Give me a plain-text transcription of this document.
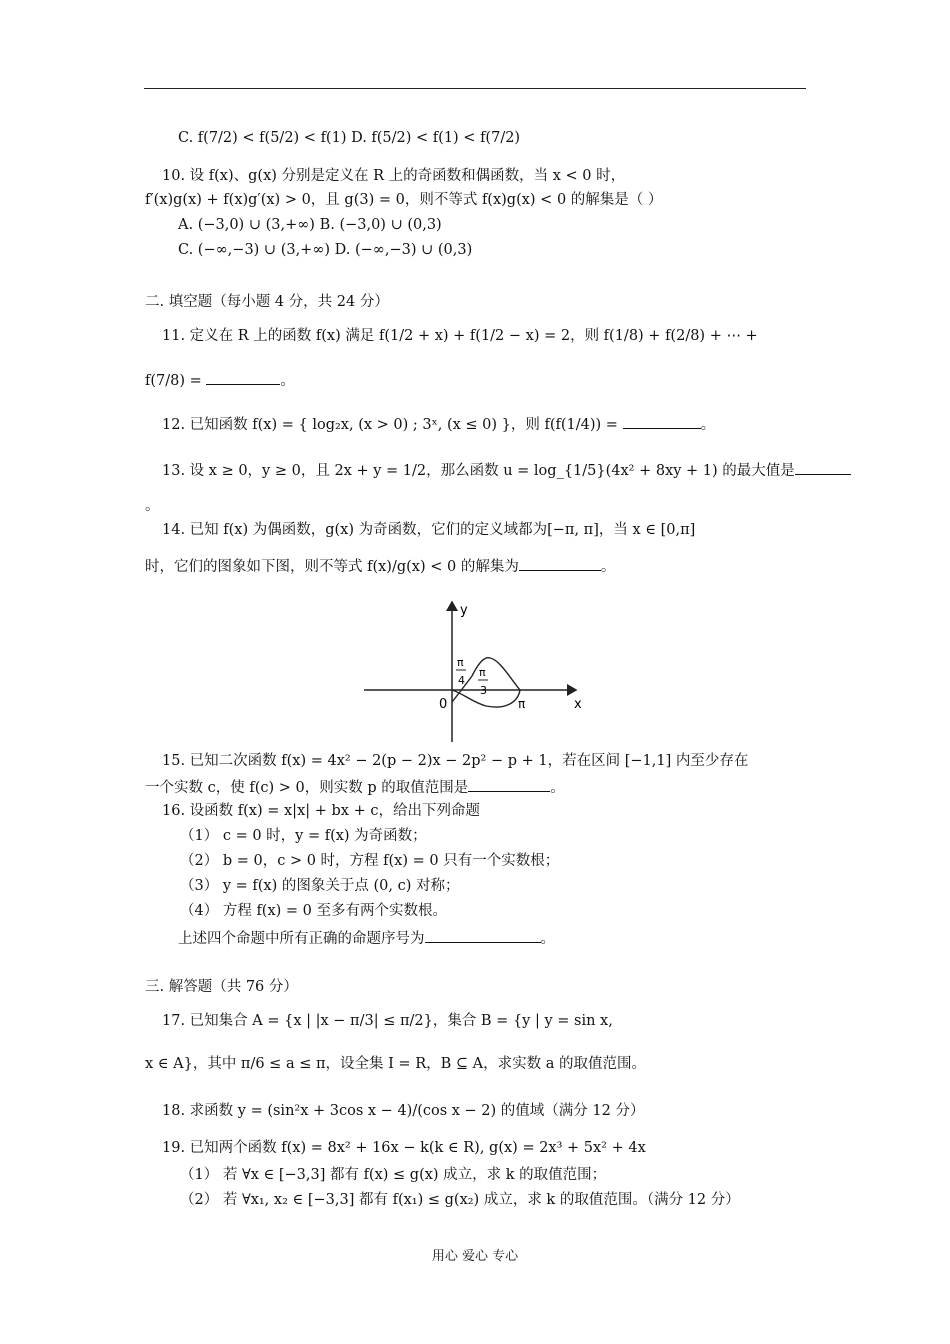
C. f(7/2) < f(5/2) < f(1) D. f(5/2) < f(1) < f(7/2)
10. 设 f(x)、g(x) 分别是定义在 R 上的奇函数和偶函数，当 x < 0 时，
f′(x)g(x) + f(x)g′(x) > 0，且 g(3) = 0，则不等式 f(x)g(x) < 0 的解集是（ ）
A. (−3,0) ∪ (3,+∞) B. (−3,0) ∪ (0,3)
C. (−∞,−3) ∪ (3,+∞) D. (−∞,−3) ∪ (0,3)
二. 填空题（每小题 4 分，共 24 分）
11. 定义在 R 上的函数 f(x) 满足 f(1/2 + x) + f(1/2 − x) = 2，则 f(1/8) + f(2/8) + ⋯ +
f(7/8) =	。
12. 已知函数 f(x) = { log₂x, (x > 0) ; 3ˣ, (x ≤ 0) }，则 f(f(1/4)) =	。
13. 设 x ≥ 0，y ≥ 0，且 2x + y = 1/2，那么函数 u = log_{1/5}(4x² + 8xy + 1) 的最大值是
。
14. 已知 f(x) 为偶函数，g(x) 为奇函数，它们的定义域都为[−π, π]，当 x ∈ [0,π]
时，它们的图象如下图，则不等式 f(x)/g(x) < 0 的解集为	。
y
x
0
π
4
π
3
π
15. 已知二次函数 f(x) = 4x² − 2(p − 2)x − 2p² − p + 1，若在区间 [−1,1] 内至少存在
一个实数 c，使 f(c) > 0，则实数 p 的取值范围是	。
16. 设函数 f(x) = x|x| + bx + c，给出下列命题
（1） c = 0 时，y = f(x) 为奇函数；
（2） b = 0，c > 0 时，方程 f(x) = 0 只有一个实数根；
（3） y = f(x) 的图象关于点 (0, c) 对称；
（4） 方程 f(x) = 0 至多有两个实数根。
上述四个命题中所有正确的命题序号为	。
三. 解答题（共 76 分）
17. 已知集合 A = {x | |x − π/3| ≤ π/2}，集合 B = {y | y = sin x,
x ∈ A}，其中 π/6 ≤ a ≤ π，设全集 I = R，B ⊆ A，求实数 a 的取值范围。
18. 求函数 y = (sin²x + 3cos x − 4)/(cos x − 2) 的值域（满分 12 分）
19. 已知两个函数 f(x) = 8x² + 16x − k(k ∈ R), g(x) = 2x³ + 5x² + 4x
（1） 若 ∀x ∈ [−3,3] 都有 f(x) ≤ g(x) 成立，求 k 的取值范围；
（2） 若 ∀x₁, x₂ ∈ [−3,3] 都有 f(x₁) ≤ g(x₂) 成立，求 k 的取值范围。（满分 12 分）
用心 爱心 专心
